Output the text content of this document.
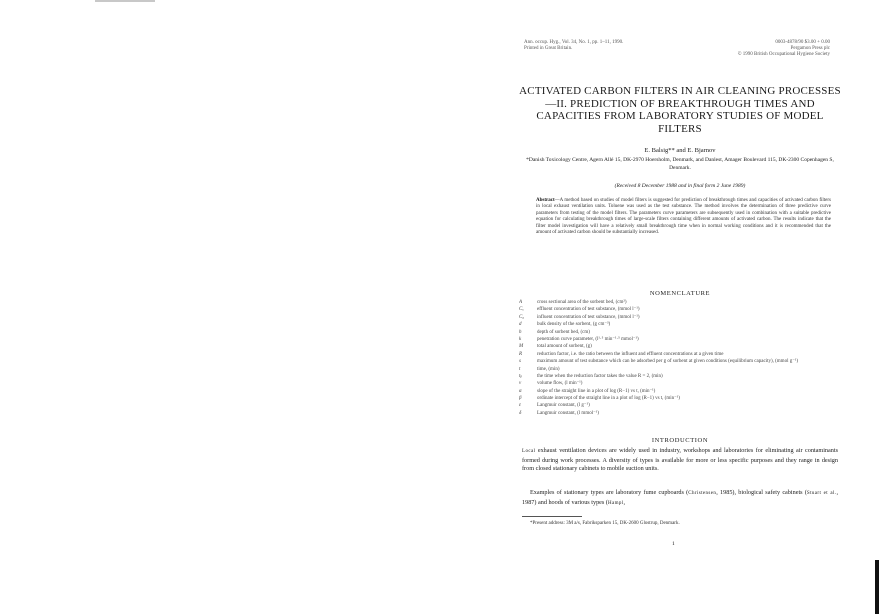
Ann. occup. Hyg., Vol. 34, No. 1, pp. 1–11, 1990.
Printed in Great Britain.
0003-4878/90 $3.00 + 0.00
Pergamon Press plc
© 1990 British Occupational Hygiene Society
ACTIVATED CARBON FILTERS IN AIR CLEANING PROCESSES—II. PREDICTION OF BREAKTHROUGH TIMES AND CAPACITIES FROM LABORATORY STUDIES OF MODEL FILTERS
E. Balsig** and E. Bjarnov
*Danish Toxicology Centre, Agern Allé 15, DK-2970 Hoersholm, Denmark, and Danlest, Amager Boulevard 115, DK-2300 Copenhagen S, Denmark.
(Received 8 December 1988 and in final form 2 June 1989)
Abstract—A method based on studies of model filters is suggested for prediction of breakthrough times and capacities of activated carbon filters in local exhaust ventilation units. Toluene was used as the test substance. The method involves the determination of three predictive curve parameters from testing of the model filters. The parameters curve parameters are subsequently used in combination with a suitable predictive equation for calculating breakthrough times of large-scale filters containing different amounts of activated carbon. The results indicate that the filter model investigation will have a relatively small breakthrough time when in normal working conditions and it is recommended that the amount of activated carbon should be substantially increased.
NOMENCLATURE
A	cross sectional area of the sorbent bed, (cm²)
Cₓ	effluent concentration of test substance, (mmol l⁻¹)
C₀	influent concentration of test substance, (mmol l⁻¹)
d	bulk density of the sorbent, (g cm⁻³)
h	depth of sorbent bed, (cm)
k	penetration curve parameter, (l¹·⁵ min⁻¹·⁵ mmol⁻¹)
M	total amount of sorbent, (g)
R	reduction factor, i.e. the ratio between the influent and effluent concentrations at a given time
s	maximum amount of test substance which can be adsorbed per g of sorbent at given conditions (equilibrium capacity), (mmol g⁻¹)
t	time, (min)
tᵦ	the time when the reduction factor takes the value R = 2, (min)
v	volume flow, (l min⁻¹)
α	slope of the straight line in a plot of log (R−1) vs t, (min⁻¹)
β	ordinate intercept of the straight line in a plot of log (R−1) vs t, (min⁻¹)
ε	Langmuir constant, (l g⁻¹)
δ	Langmuir constant, (l mmol⁻¹)
INTRODUCTION
Local exhaust ventilation devices are widely used in industry, workshops and laboratories for eliminating air contaminants formed during work processes. A diversity of types is available for more or less specific purposes and they range in design from closed stationary cabinets to mobile suction units.
Examples of stationary types are laboratory fume cupboards (Christensen, 1985), biological safety cabinets (Stuart et al., 1987) and hoods of various types (Hampl,
*Present address: 3M a/s, Fabriksparken 15, DK-2600 Glostrup, Denmark.
1
